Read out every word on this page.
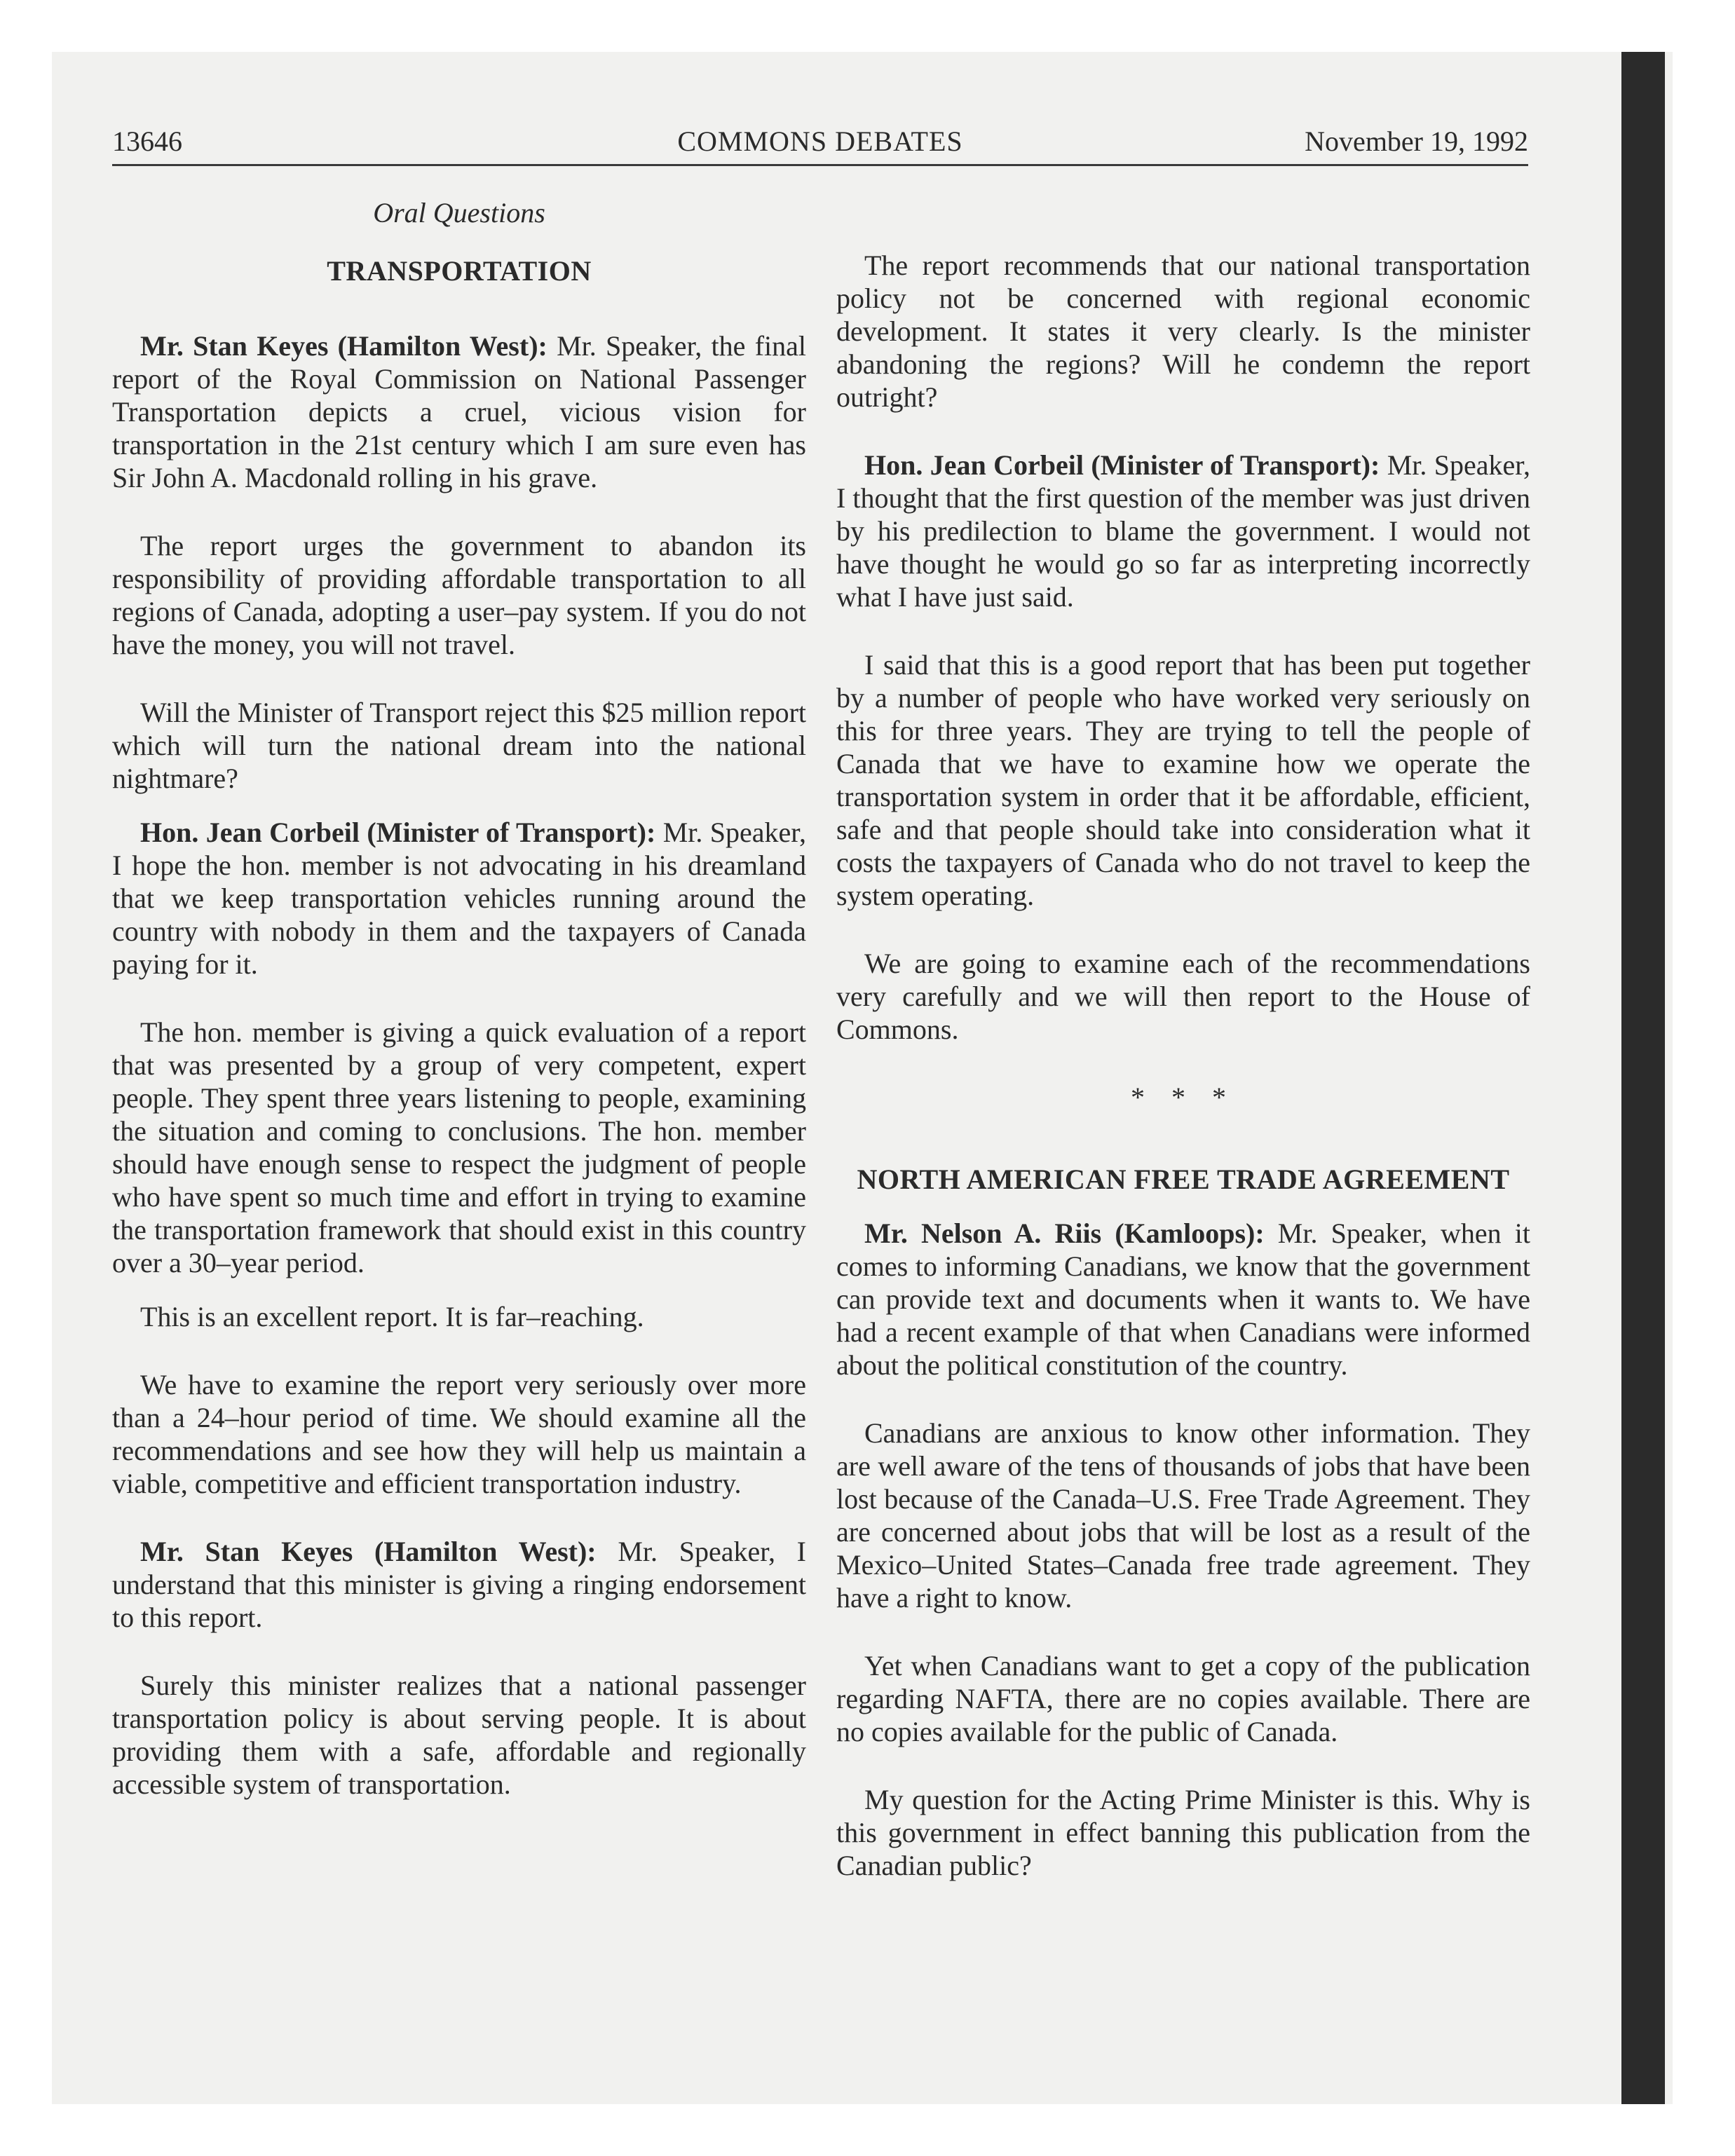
13646	COMMONS DEBATES	November 19, 1992
Oral Questions
TRANSPORTATION

Mr. Stan Keyes (Hamilton West): Mr. Speaker, the final report of the Royal Commission on National Passenger Transportation depicts a cruel, vicious vision for transportation in the 21st century which I am sure even has Sir John A. Macdonald rolling in his grave.

The report urges the government to abandon its responsibility of providing affordable transportation to all regions of Canada, adopting a user–pay system. If you do not have the money, you will not travel.

Will the Minister of Transport reject this $25 million report which will turn the national dream into the national nightmare?

Hon. Jean Corbeil (Minister of Transport): Mr. Speaker, I hope the hon. member is not advocating in his dreamland that we keep transportation vehicles running around the country with nobody in them and the taxpayers of Canada paying for it.

The hon. member is giving a quick evaluation of a report that was presented by a group of very competent, expert people. They spent three years listening to people, examining the situation and coming to conclusions. The hon. member should have enough sense to respect the judgment of people who have spent so much time and effort in trying to examine the transportation framework that should exist in this country over a 30–year period.

This is an excellent report. It is far–reaching.

We have to examine the report very seriously over more than a 24–hour period of time. We should examine all the recommendations and see how they will help us maintain a viable, competitive and efficient transportation industry.

Mr. Stan Keyes (Hamilton West): Mr. Speaker, I understand that this minister is giving a ringing endorsement to this report.

Surely this minister realizes that a national passenger transportation policy is about serving people. It is about providing them with a safe, affordable and regionally accessible system of transportation.

The report recommends that our national transportation policy not be concerned with regional economic development. It states it very clearly. Is the minister abandoning the regions? Will he condemn the report outright?

Hon. Jean Corbeil (Minister of Transport): Mr. Speaker, I thought that the first question of the member was just driven by his predilection to blame the government. I would not have thought he would go so far as interpreting incorrectly what I have just said.

I said that this is a good report that has been put together by a number of people who have worked very seriously on this for three years. They are trying to tell the people of Canada that we have to examine how we operate the transportation system in order that it be affordable, efficient, safe and that people should take into consideration what it costs the taxpayers of Canada who do not travel to keep the system operating.

We are going to examine each of the recommendations very carefully and we will then report to the House of Commons.

* * *
NORTH AMERICAN FREE TRADE AGREEMENT

Mr. Nelson A. Riis (Kamloops): Mr. Speaker, when it comes to informing Canadians, we know that the government can provide text and documents when it wants to. We have had a recent example of that when Canadians were informed about the political constitution of the country.

Canadians are anxious to know other information. They are well aware of the tens of thousands of jobs that have been lost because of the Canada–U.S. Free Trade Agreement. They are concerned about jobs that will be lost as a result of the Mexico–United States–Canada free trade agreement. They have a right to know.

Yet when Canadians want to get a copy of the publication regarding NAFTA, there are no copies available. There are no copies available for the public of Canada.

My question for the Acting Prime Minister is this. Why is this government in effect banning this publication from the Canadian public?
